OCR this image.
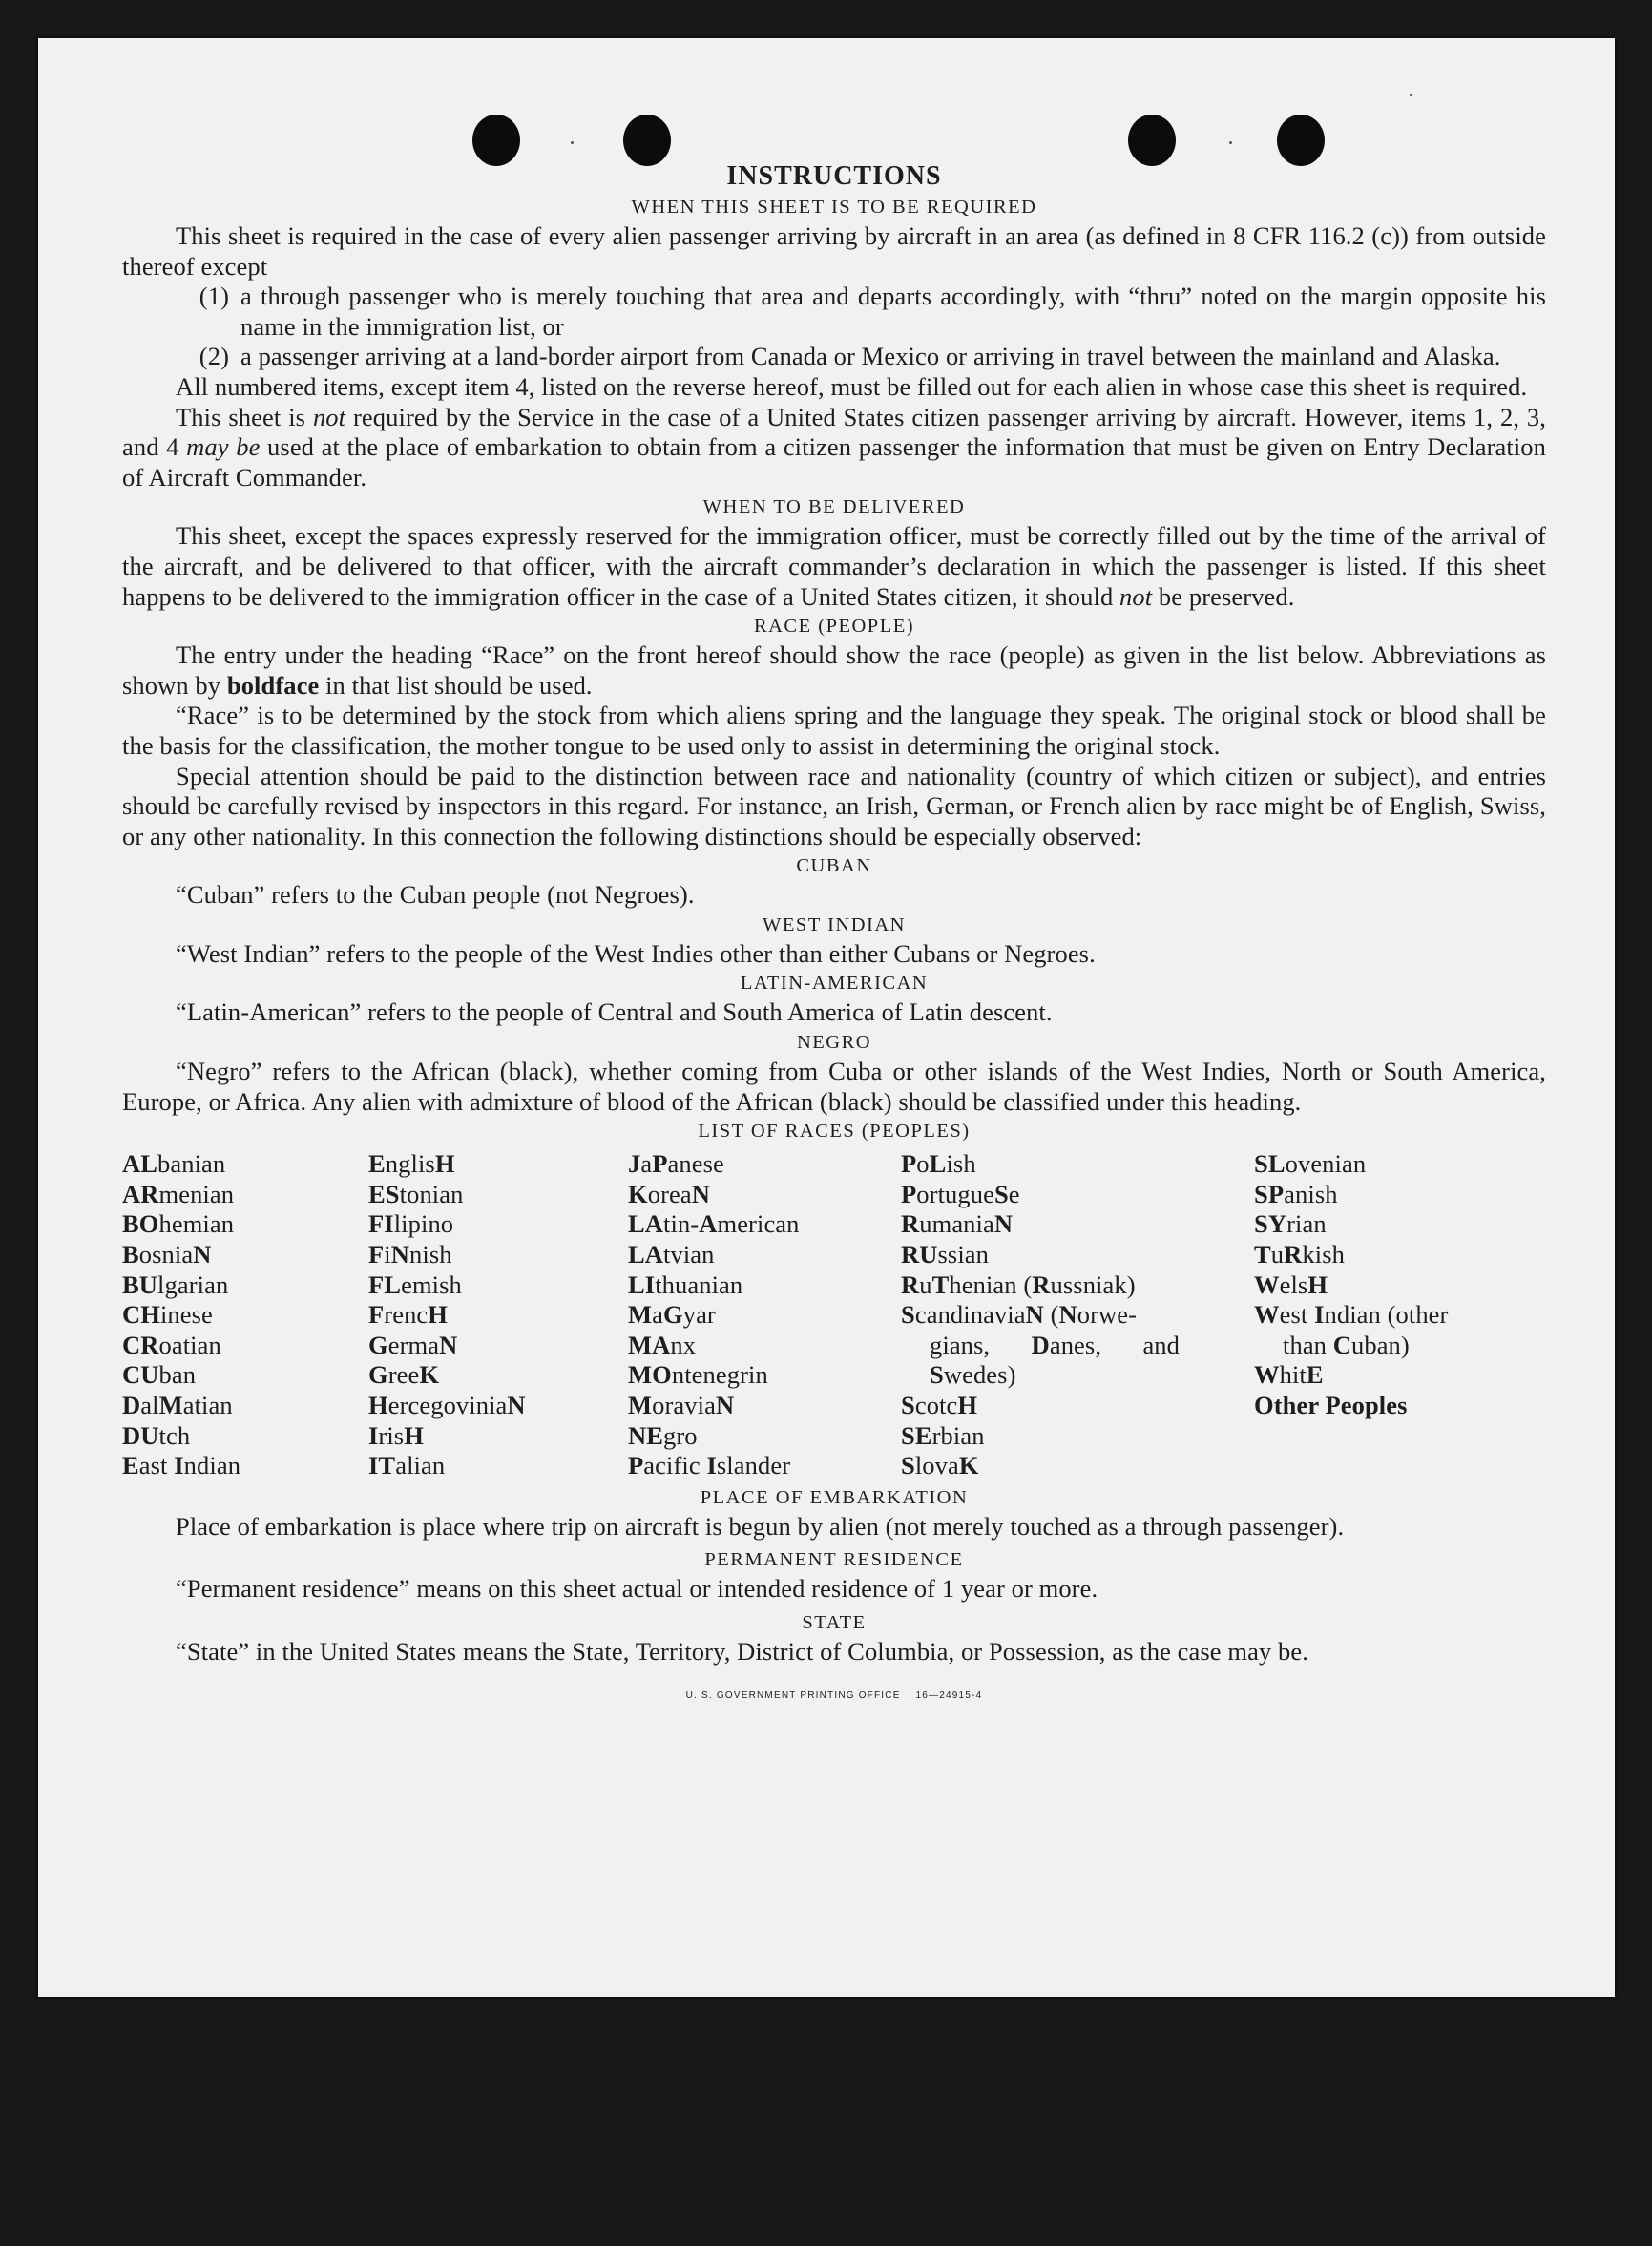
INSTRUCTIONS
WHEN THIS SHEET IS TO BE REQUIRED

This sheet is required in the case of every alien passenger arriving by aircraft in an area (as defined in 8 CFR 116.2 (c)) from outside thereof except

(1) a through passenger who is merely touching that area and departs accordingly, with “thru” noted on the margin opposite his name in the immigration list, or
(2) a passenger arriving at a land-border airport from Canada or Mexico or arriving in travel between the mainland and Alaska.

All numbered items, except item 4, listed on the reverse hereof, must be filled out for each alien in whose case this sheet is required.

This sheet is not required by the Service in the case of a United States citizen passenger arriving by aircraft. However, items 1, 2, 3, and 4 may be used at the place of embarkation to obtain from a citizen passenger the information that must be given on Entry Declaration of Aircraft Commander.

WHEN TO BE DELIVERED

This sheet, except the spaces expressly reserved for the immigration officer, must be correctly filled out by the time of the arrival of the aircraft, and be delivered to that officer, with the aircraft commander’s declaration in which the passenger is listed. If this sheet happens to be delivered to the immigration officer in the case of a United States citizen, it should not be preserved.

RACE (PEOPLE)

The entry under the heading “Race” on the front hereof should show the race (people) as given in the list below. Abbreviations as shown by boldface in that list should be used.

“Race” is to be determined by the stock from which aliens spring and the language they speak. The original stock or blood shall be the basis for the classification, the mother tongue to be used only to assist in determining the original stock.

Special attention should be paid to the distinction between race and nationality (country of which citizen or subject), and entries should be carefully revised by inspectors in this regard. For instance, an Irish, German, or French alien by race might be of English, Swiss, or any other nationality. In this connection the following distinctions should be especially observed:

CUBAN

“Cuban” refers to the Cuban people (not Negroes).

WEST INDIAN

“West Indian” refers to the people of the West Indies other than either Cubans or Negroes.

LATIN-AMERICAN

“Latin-American” refers to the people of Central and South America of Latin descent.

NEGRO

“Negro” refers to the African (black), whether coming from Cuba or other islands of the West Indies, North or South America, Europe, or Africa. Any alien with admixture of blood of the African (black) should be classified under this heading.

LIST OF RACES (PEOPLES)
ALbanian
ARmenian
BOhemian
BosniaN
BUlgarian
CHinese
CRoatian
CUban
DalMatian
DUtch
East Indian
EnglisH
EStonian
FIlipino
FiNnish
FLemish
FrencH
GermaN
GreeK
HercegoviniaN
IrisH
ITalian
JaPanese
KoreaN
LAtin-American
LAtvian
LIthuanian
MaGyar
MAnx
MOntenegrin
MoraviaN
NEgro
Pacific Islander
PoLish
PortugueSe
RumaniaN
RUssian
RuThenian (Russniak)
ScandinaviaN (Norwe-
gians, Danes, and
Swedes)
ScotcH
SErbian
SlovaK
SLovenian
SPanish
SYrian
TuRkish
WelsH
West Indian (other
than Cuban)
WhitE
Other Peoples
PLACE OF EMBARKATION

Place of embarkation is place where trip on aircraft is begun by alien (not merely touched as a through passenger).

PERMANENT RESIDENCE

“Permanent residence” means on this sheet actual or intended residence of 1 year or more.

STATE

“State” in the United States means the State, Territory, District of Columbia, or Possession, as the case may be.

U. S. GOVERNMENT PRINTING OFFICE    16—24915-4
